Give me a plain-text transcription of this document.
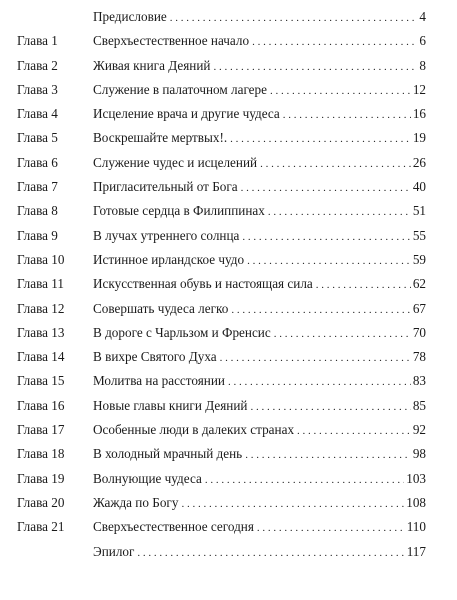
Предисловие . . .	4
Глава 1	Сверхъестественное начало . . .	6
Глава 2	Живая книга Деяний . . .	8
Глава 3	Служение в палаточном лагере . . .	12
Глава 4	Исцеление врача и другие чудеса . . .	16
Глава 5	Воскрешайте мертвых!. . . .	19
Глава 6	Служение чудес и исцелений . . .	26
Глава 7	Пригласительный от Бога . . .	40
Глава 8	Готовые сердца в Филиппинах . . .	51
Глава 9	В лучах утреннего солнца . . .	55
Глава 10 Истинное ирландское чудо . . .	59
Глава 11 Искусственная обувь и настоящая сила . . .	62
Глава 12 Совершать чудеса легко . . .	67
Глава 13 В дороге с Чарльзом и Френсис . . .	70
Глава 14 В вихре Святого Духа . . .	78
Глава 15 Молитва на расстоянии . . .	83
Глава 16 Новые главы книги Деяний . . .	85
Глава 17 Особенные люди в далеких странах . . .	92
Глава 18 В холодный мрачный день . . .	98
Глава 19 Волнующие чудеса . . .	103
Глава 20 Жажда по Богу . . .	108
Глава 21 Сверхъестественное сегодня . . .	110
Эпилог . . .	117
